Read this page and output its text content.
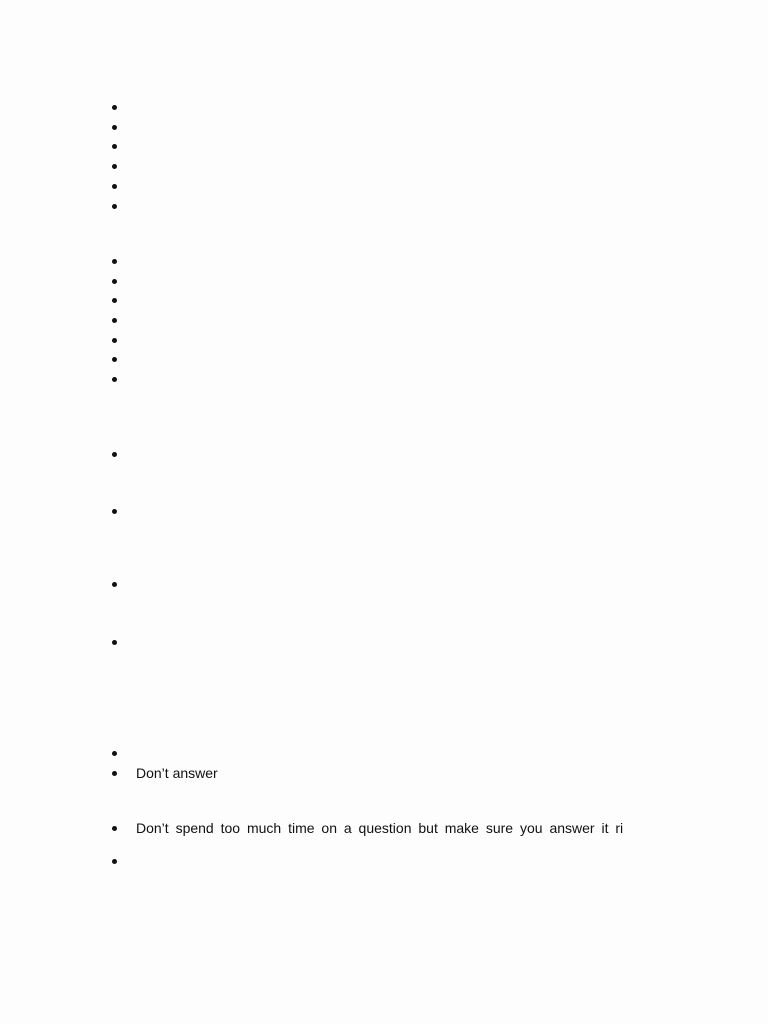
Don’t answer
Don’t spend too much time on a question but make sure you answer it ri
